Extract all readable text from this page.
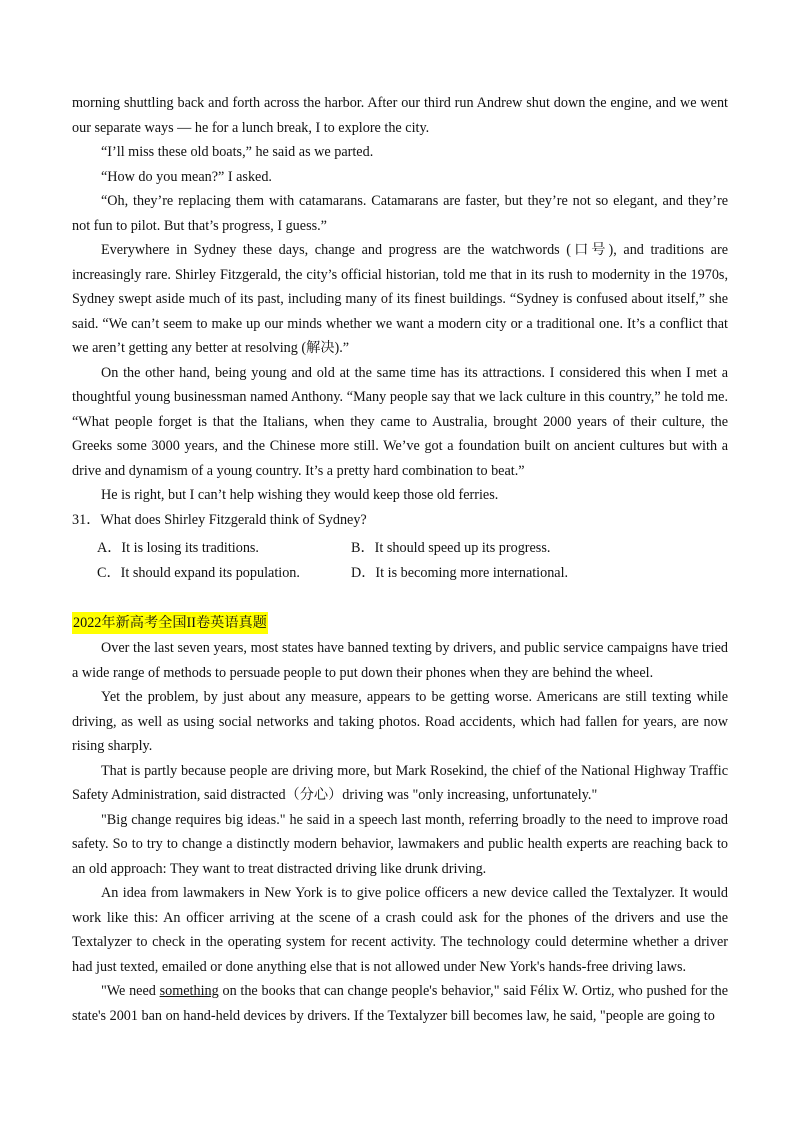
morning shuttling back and forth across the harbor. After our third run Andrew shut down the engine, and we went our separate ways — he for a lunch break, I to explore the city.

“I’ll miss these old boats,” he said as we parted.

“How do you mean?” I asked.

“Oh, they’re replacing them with catamarans. Catamarans are faster, but they’re not so elegant, and they’re not fun to pilot. But that’s progress, I guess.”

Everywhere in Sydney these days, change and progress are the watchwords (口号), and traditions are increasingly rare. Shirley Fitzgerald, the city’s official historian, told me that in its rush to modernity in the 1970s, Sydney swept aside much of its past, including many of its finest buildings. “Sydney is confused about itself,” she said. “We can’t seem to make up our minds whether we want a modern city or a traditional one. It’s a conflict that we aren’t getting any better at resolving (解决).”

On the other hand, being young and old at the same time has its attractions. I considered this when I met a thoughtful young businessman named Anthony. “Many people say that we lack culture in this country,” he told me. “What people forget is that the Italians, when they came to Australia, brought 2000 years of their culture, the Greeks some 3000 years, and the Chinese more still. We’ve got a foundation built on ancient cultures but with a drive and dynamism of a young country. It’s a pretty hard combination to beat.”

He is right, but I can’t help wishing they would keep those old ferries.

31．What does Shirley Fitzgerald think of Sydney?

A．It is losing its traditions.	B．It should speed up its progress.
C．It should expand its population.	D．It is becoming more international.
2022年新高考全国II卷英语真题

Over the last seven years, most states have banned texting by drivers, and public service campaigns have tried a wide range of methods to persuade people to put down their phones when they are behind the wheel.

Yet the problem, by just about any measure, appears to be getting worse. Americans are still texting while driving, as well as using social networks and taking photos. Road accidents, which had fallen for years, are now rising sharply.

That is partly because people are driving more, but Mark Rosekind, the chief of the National Highway Traffic Safety Administration, said distracted（分心）driving was "only increasing, unfortunately."

"Big change requires big ideas." he said in a speech last month, referring broadly to the need to improve road safety. So to try to change a distinctly modern behavior, lawmakers and public health experts are reaching back to an old approach: They want to treat distracted driving like drunk driving.

An idea from lawmakers in New York is to give police officers a new device called the Textalyzer. It would work like this: An officer arriving at the scene of a crash could ask for the phones of the drivers and use the Textalyzer to check in the operating system for recent activity. The technology could determine whether a driver had just texted, emailed or done anything else that is not allowed under New York's hands-free driving laws.

"We need something on the books that can change people's behavior," said Félix W. Ortiz, who pushed for the state's 2001 ban on hand-held devices by drivers. If the Textalyzer bill becomes law, he said, "people are going to
